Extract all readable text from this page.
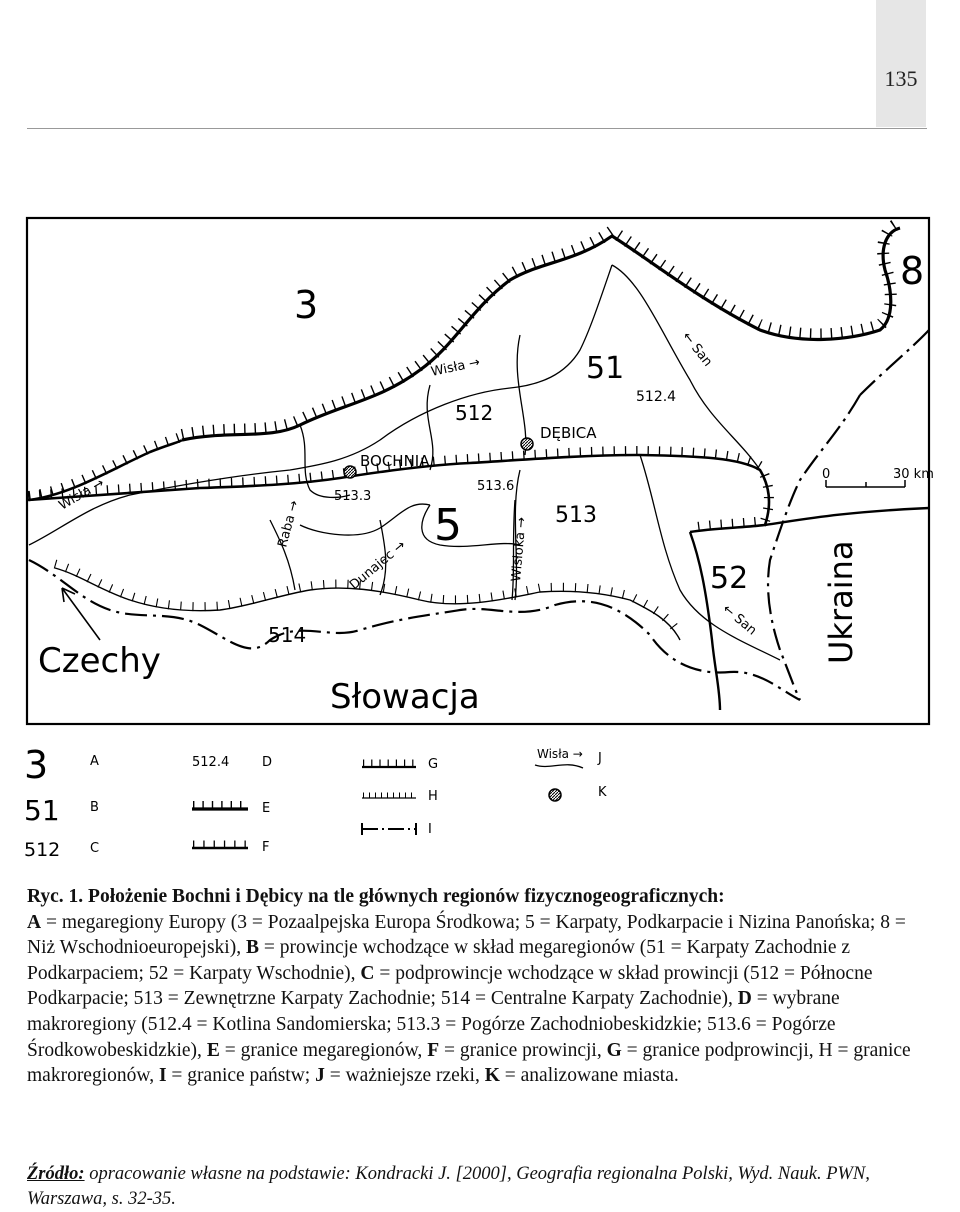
135
3
8
51
512.4
512
5
513.3
513.6
513
52
514
BOCHNIA
DĘBICA
Wisła →
Wisła →
← San
← San
Raba →
Dunajec →	Wisłoka →
Czechy
Słowacja
Ukraina
0	30 km
3	A
51 B
512 C
512.4	D
E
F
G
H
I
Wisła → J
K
Ryc. 1. Położenie Bochni i Dębicy na tle głównych regionów fizycznogeograficznych:
A = megaregiony Europy (3 = Pozaalpejska Europa Środkowa; 5 = Karpaty, Podkarpacie i Nizina Panońska; 8 = Niż Wschodnioeuropejski), B = prowincje wchodzące w skład megaregionów (51 = Karpaty Zachodnie z Podkarpaciem; 52 = Karpaty Wschodnie), C = podprowincje wchodzące w skład prowincji (512 = Północne Podkarpacie; 513 = Zewnętrzne Karpaty Zachodnie; 514 = Centralne Karpaty Zachodnie), D = wybrane makroregiony (512.4 = Kotlina Sandomierska; 513.3 = Pogórze Zachodniobeskidzkie; 513.6 = Pogórze Środkowobeskidzkie), E = granice megaregionów, F = granice prowincji, G = granice podprowincji, H = granice makroregionów, I = granice państw; J = ważniejsze rzeki, K = analizowane miasta.
Źródło: opracowanie własne na podstawie: Kondracki J. [2000], Geografia regionalna Polski, Wyd. Nauk. PWN, Warszawa, s. 32-35.
